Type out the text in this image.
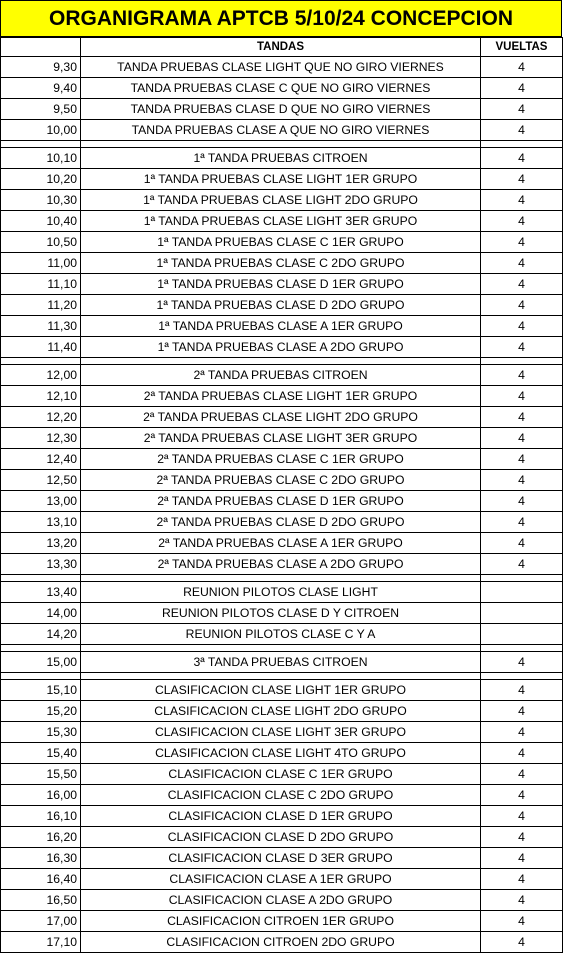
ORGANIGRAMA APTCB 5/10/24 CONCEPCION
	TANDAS	VUELTAS
9,30	TANDA PRUEBAS CLASE LIGHT QUE NO GIRO VIERNES	4
9,40	TANDA PRUEBAS CLASE C QUE NO GIRO VIERNES	4
9,50	TANDA PRUEBAS CLASE D QUE NO GIRO VIERNES	4
10,00	TANDA PRUEBAS CLASE A QUE NO GIRO VIERNES	4

10,10	1ª TANDA PRUEBAS CITROEN	4
10,20	1ª TANDA PRUEBAS CLASE LIGHT 1ER GRUPO	4
10,30	1ª TANDA PRUEBAS CLASE LIGHT 2DO GRUPO	4
10,40	1ª TANDA PRUEBAS CLASE LIGHT 3ER GRUPO	4
10,50	1ª TANDA PRUEBAS CLASE C 1ER GRUPO	4
11,00	1ª TANDA PRUEBAS CLASE C 2DO GRUPO	4
11,10	1ª TANDA PRUEBAS CLASE D 1ER GRUPO	4
11,20	1ª TANDA PRUEBAS CLASE D 2DO GRUPO	4
11,30	1ª TANDA PRUEBAS CLASE A 1ER GRUPO	4
11,40	1ª TANDA PRUEBAS CLASE A 2DO GRUPO	4

12,00	2ª TANDA PRUEBAS CITROEN	4
12,10	2ª TANDA PRUEBAS CLASE LIGHT 1ER GRUPO	4
12,20	2ª TANDA PRUEBAS CLASE LIGHT 2DO GRUPO	4
12,30	2ª TANDA PRUEBAS CLASE LIGHT 3ER GRUPO	4
12,40	2ª TANDA PRUEBAS CLASE C 1ER GRUPO	4
12,50	2ª TANDA PRUEBAS CLASE C 2DO GRUPO	4
13,00	2ª TANDA PRUEBAS CLASE D 1ER GRUPO	4
13,10	2ª TANDA PRUEBAS CLASE D 2DO GRUPO	4
13,20	2ª TANDA PRUEBAS CLASE A 1ER GRUPO	4
13,30	2ª TANDA PRUEBAS CLASE A 2DO GRUPO	4

13,40	REUNION PILOTOS CLASE LIGHT	
14,00	REUNION PILOTOS CLASE D Y CITROEN	
14,20	REUNION PILOTOS CLASE C Y A	

15,00	3ª TANDA PRUEBAS CITROEN	4

15,10	CLASIFICACION CLASE LIGHT 1ER GRUPO	4
15,20	CLASIFICACION CLASE LIGHT 2DO GRUPO	4
15,30	CLASIFICACION CLASE LIGHT 3ER GRUPO	4
15,40	CLASIFICACION CLASE LIGHT 4TO GRUPO	4
15,50	CLASIFICACION CLASE C 1ER GRUPO	4
16,00	CLASIFICACION CLASE C 2DO GRUPO	4
16,10	CLASIFICACION CLASE D 1ER GRUPO	4
16,20	CLASIFICACION CLASE D 2DO GRUPO	4
16,30	CLASIFICACION CLASE D 3ER GRUPO	4
16,40	CLASIFICACION CLASE A 1ER GRUPO	4
16,50	CLASIFICACION CLASE A 2DO GRUPO	4
17,00	CLASIFICACION CITROEN 1ER GRUPO	4
17,10	CLASIFICACION CITROEN 2DO GRUPO	4
